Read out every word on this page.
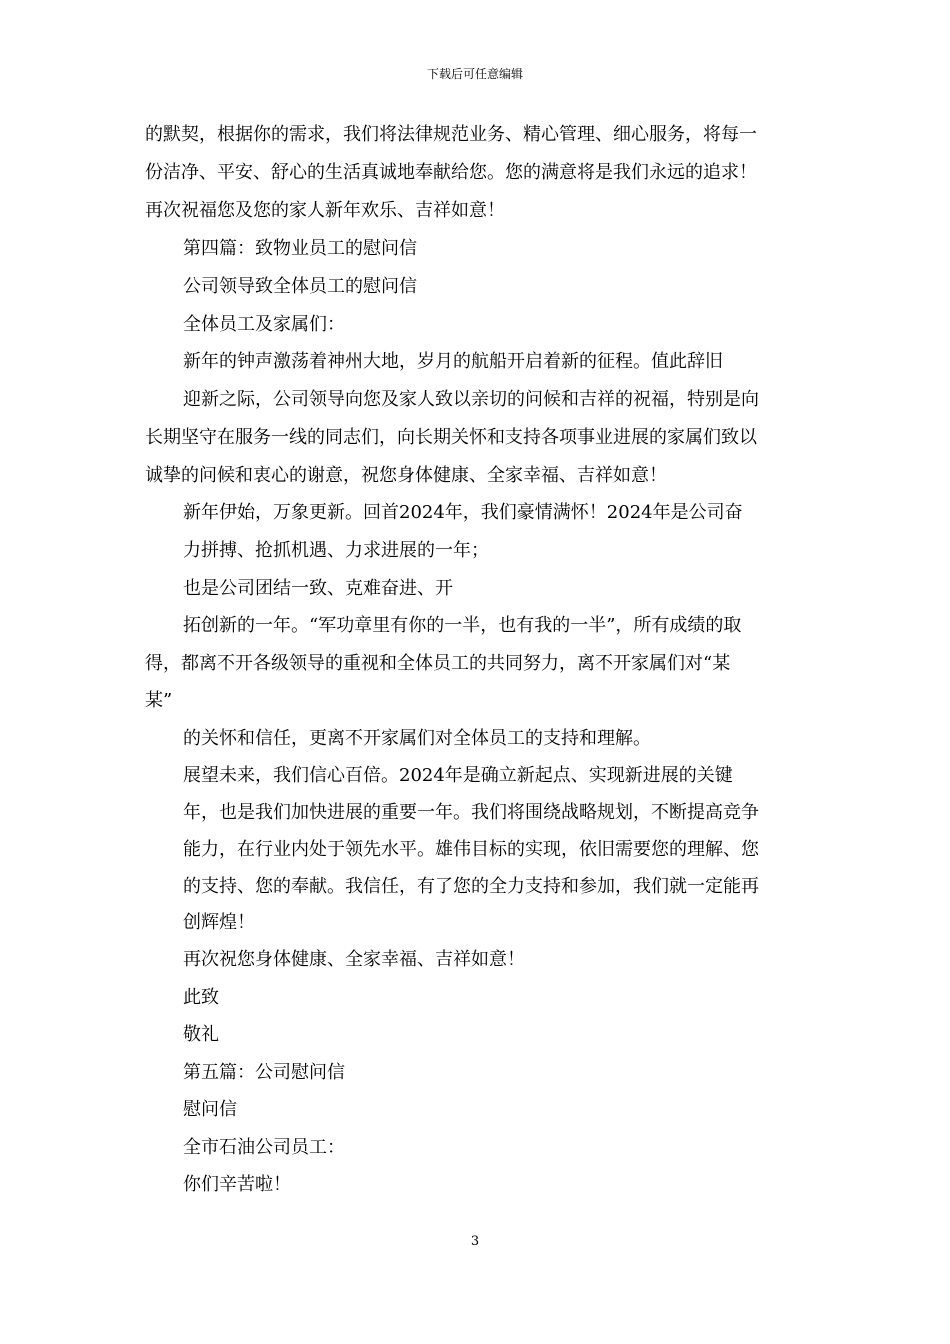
下载后可任意编辑
的默契，根据你的需求，我们将法律规范业务、精心管理、细心服务，将每一
份洁净、平安、舒心的生活真诚地奉献给您。您的满意将是我们永远的追求！
再次祝福您及您的家人新年欢乐、吉祥如意！
第四篇：致物业员工的慰问信
公司领导致全体员工的慰问信
全体员工及家属们：
新年的钟声激荡着神州大地，岁月的航船开启着新的征程。值此辞旧
迎新之际，公司领导向您及家人致以亲切的问候和吉祥的祝福，特别是向
长期坚守在服务一线的同志们，向长期关怀和支持各项事业进展的家属们致以
诚挚的问候和衷心的谢意，祝您身体健康、全家幸福、吉祥如意！
新年伊始，万象更新。回首2024年，我们豪情满怀！2024年是公司奋
力拼搏、抢抓机遇、力求进展的一年；
也是公司团结一致、克难奋进、开
拓创新的一年。“军功章里有你的一半，也有我的一半”，所有成绩的取
得，都离不开各级领导的重视和全体员工的共同努力，离不开家属们对“某
某”
的关怀和信任，更离不开家属们对全体员工的支持和理解。
展望未来，我们信心百倍。2024年是确立新起点、实现新进展的关键
年，也是我们加快进展的重要一年。我们将围绕战略规划，不断提高竞争
能力，在行业内处于领先水平。雄伟目标的实现，依旧需要您的理解、您
的支持、您的奉献。我信任，有了您的全力支持和参加，我们就一定能再
创辉煌！
再次祝您身体健康、全家幸福、吉祥如意！
此致
敬礼
第五篇：公司慰问信
慰问信
全市石油公司员工：
你们辛苦啦！
3
